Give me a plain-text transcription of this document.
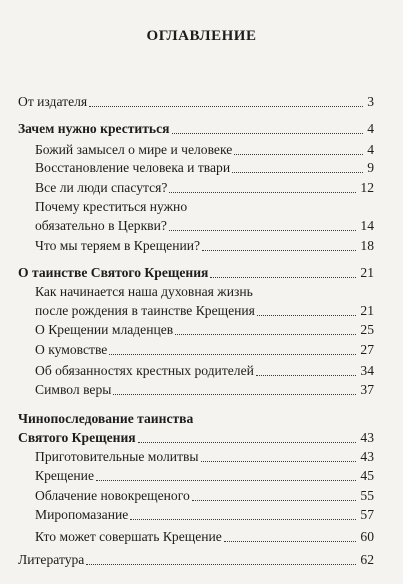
ОГЛАВЛЕНИЕ
От издателя	3
Зачем нужно креститься	4
Божий замысел о мире и человеке	4
Восстановление человека и твари	9
Все ли люди спасутся?	12
Почему креститься нужно
обязательно в Церкви?	14
Что мы теряем в Крещении?	18
О таинстве Святого Крещения	21
Как начинается наша духовная жизнь
после рождения в таинстве Крещения	21
О Крещении младенцев	25
О кумовстве	27
Об обязанностях крестных родителей	34
Символ веры	37
Чинопоследование таинства
Святого Крещения	43
Приготовительные молитвы	43
Крещение	45
Облачение новокрещеного	55
Миропомазание	57
Кто может совершать Крещение	60
Литература	62
